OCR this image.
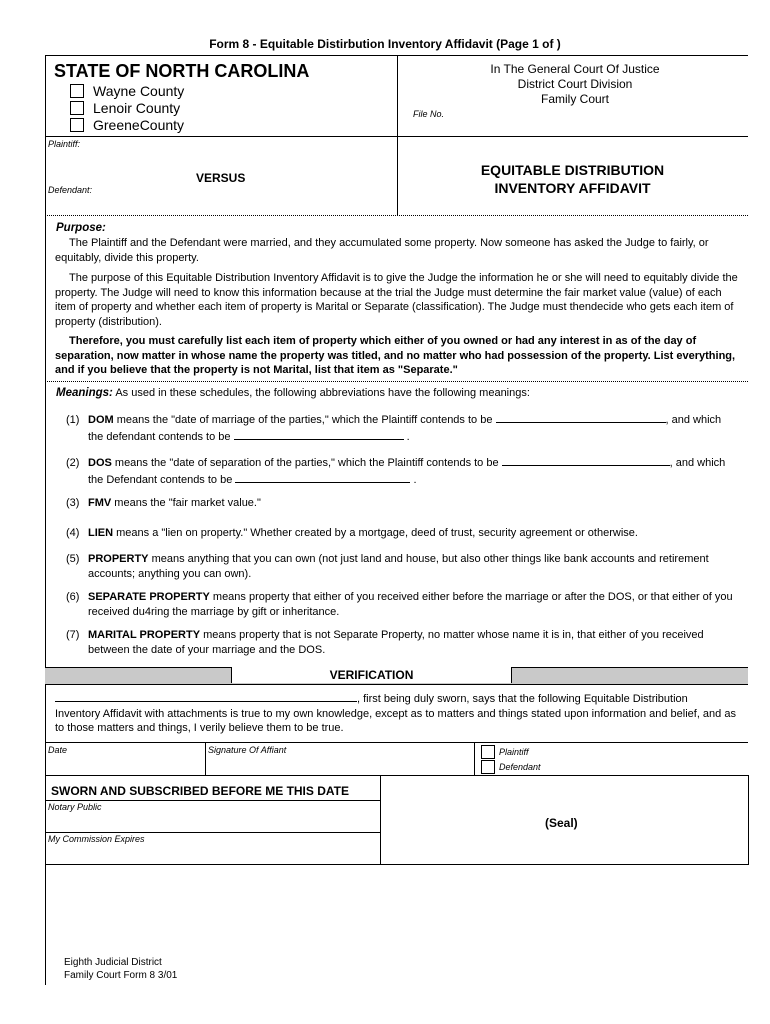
Form 8 - Equitable Distirbution Inventory Affidavit (Page 1 of )
STATE OF NORTH CAROLINA
Wayne County
Lenoir County
GreeneCounty
In The General Court Of Justice
District Court Division
Family Court
File No.
Plaintiff:
VERSUS
Defendant:
EQUITABLE DISTRIBUTION
INVENTORY AFFIDAVIT
Purpose:
The Plaintiff and the Defendant were married, and they accumulated some property. Now someone has asked the Judge to fairly, or equitably, divide this property.
The purpose of this Equitable Distribution Inventory Affidavit is to give the Judge the information he or she will need to equitably divide the property. The Judge will need to know this information because at the trial the Judge must determine the fair market value (value) of each item of property and whether each item of property is Marital or Separate (classification). The Judge must thendecide who gets each item of property (distribution).
Therefore, you must carefully list each item of property which either of you owned or had any interest in as of the day of separation, now matter in whose name the property was titled, and no matter who had possession of the property. List everything, and if you believe that the property is not Marital, list that item as "Separate."
Meanings: As used in these schedules, the following abbreviations have the following meanings:
(1) DOM means the "date of marriage of the parties," which the Plaintiff contends to be	, and which
the defendant contends to be	.
(2) DOS means the "date of separation of the parties," which the Plaintiff contends to be	, and which
the Defendant contends to be	.
(3) FMV means the "fair market value."
(4) LIEN means a "lien on property." Whether created by a mortgage, deed of trust, security agreement or otherwise.
(5) PROPERTY means anything that you can own (not just land and house, but also other things like bank accounts and retirement accounts; anything you can own).
(6) SEPARATE PROPERTY means property that either of you received either before the marriage or after the DOS, or that either of you received du4ring the marriage by gift or inheritance.
(7) MARITAL PROPERTY means property that is not Separate Property, no matter whose name it is in, that either of you received between the date of your marriage and the DOS.
VERIFICATION
, first being duly sworn, says that the following Equitable Distribution
Inventory Affidavit with attachments is true to my own knowledge, except as to matters and things stated upon information and belief, and as to those matters and things, I verily believe them to be true.
Date	Signature Of Affiant	Plaintiff
Defendant
SWORN AND SUBSCRIBED BEFORE ME THIS DATE
Notary Public
My Commission Expires
(Seal)
Eighth Judicial District
Family Court Form 8 3/01
